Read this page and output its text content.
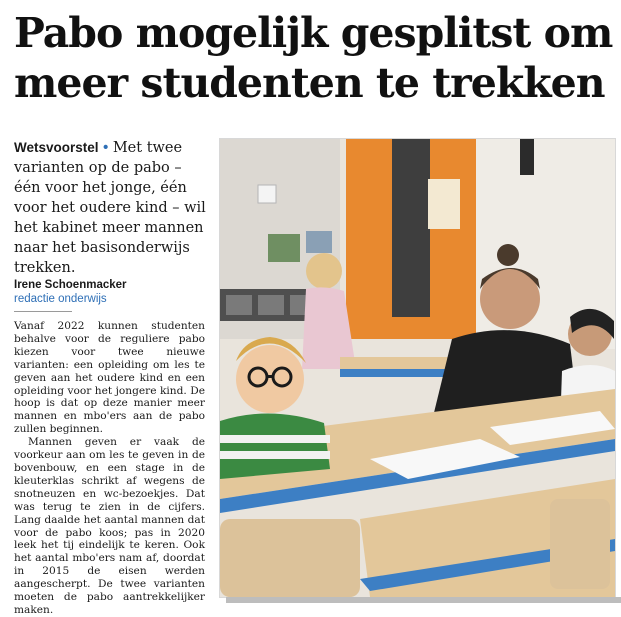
Pabo mogelijk gesplitst om
meer studenten te trekken
Wetsvoorstel • Met twee varianten op de pabo – één voor het jonge, één voor het oudere kind – wil het kabinet meer mannen naar het basisonderwijs trekken.
Irene Schoenmacker
redactie onderwijs

Vanaf 2022 kunnen studenten behalve voor de reguliere pabo kiezen voor twee nieuwe varianten: een opleiding om les te geven aan het oudere kind en een opleiding voor het jongere kind. De hoop is dat op deze manier meer mannen en mbo'ers aan de pabo zullen beginnen.

Mannen geven er vaak de voorkeur aan om les te geven in de bovenbouw, en een stage in de kleuterklas schrikt af wegens de snotneuzen en wc-bezoekjes. Dat was terug te zien in de cijfers. Lang daalde het aantal mannen dat voor de pabo koos; pas in 2020 leek het tij eindelijk te keren. Ook het aantal mbo'ers nam af, doordat in 2015 de eisen werden aangescherpt. De twee varianten moeten de pabo aantrekkelijker maken.
